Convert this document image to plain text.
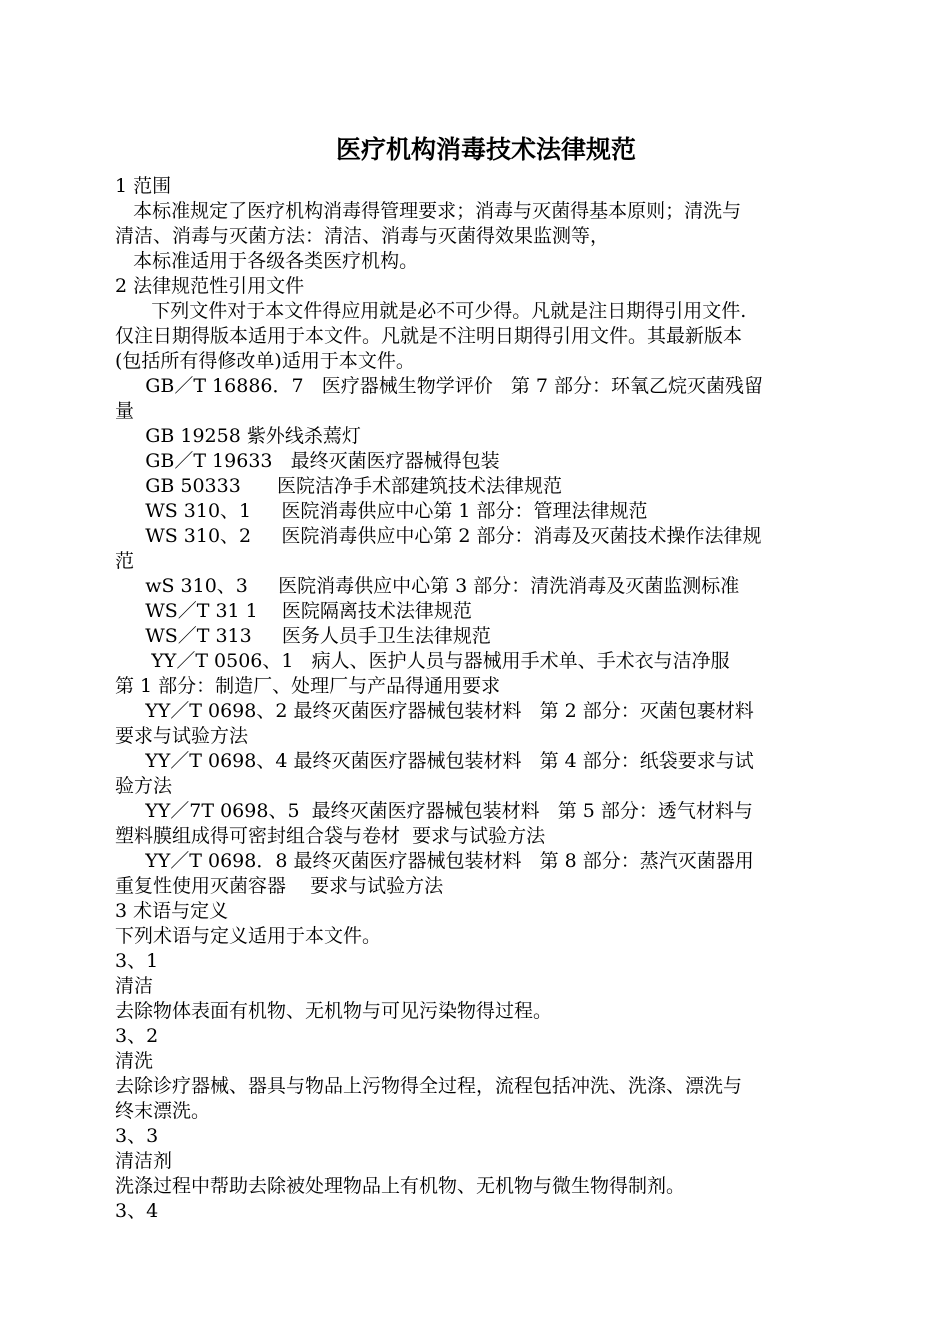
医疗机构消毒技术法律规范
1 范围
本标准规定了医疗机构消毒得管理要求；消毒与灭菌得基本原则；清洗与
清洁、消毒与灭菌方法：清洁、消毒与灭菌得效果监测等，
本标准适用于各级各类医疗机构。
2 法律规范性引用文件
下列文件对于本文件得应用就是必不可少得。凡就是注日期得引用文件.
仅注日期得版本适用于本文件。凡就是不注明日期得引用文件。其最新版本
(包括所有得修改单)适用于本文件。
GB／T 16886．7   医疗器械生物学评价   第 7 部分：环氧乙烷灭菌残留
量
GB 19258 紫外线杀蔫灯
GB／T 19633   最终灭菌医疗器械得包装
GB 50333      医院洁净手术部建筑技术法律规范
WS 310、1     医院消毒供应中心第 1 部分：管理法律规范
WS 310、2     医院消毒供应中心第 2 部分：消毒及灭菌技术操作法律规
范
wS 310、3     医院消毒供应中心第 3 部分：清洗消毒及灭菌监测标准
WS／T 31 1    医院隔离技术法律规范
WS／T 313     医务人员手卫生法律规范
YY／T 0506、1   病人、医护人员与器械用手术单、手术衣与洁净服
第 1 部分：制造厂、处理厂与产品得通用要求
YY／T 0698、2 最终灭菌医疗器械包装材料   第 2 部分：灭菌包裹材料
要求与试验方法
YY／T 0698、4 最终灭菌医疗器械包装材料   第 4 部分：纸袋要求与试
验方法
YY／7T 0698、5  最终灭菌医疗器械包装材料   第 5 部分：透气材料与
塑料膜组成得可密封组合袋与卷材  要求与试验方法
YY／T 0698．8 最终灭菌医疗器械包装材料   第 8 部分：蒸汽灭菌器用
重复性使用灭菌容器    要求与试验方法
3 术语与定义
下列术语与定义适用于本文件。
3、1
清洁
去除物体表面有机物、无机物与可见污染物得过程。
3、2
清洗
去除诊疗器械、器具与物品上污物得全过程，流程包括冲洗、洗涤、漂洗与
终末漂洗。
3、3
清洁剂
洗涤过程中帮助去除被处理物品上有机物、无机物与微生物得制剂。
3、4
